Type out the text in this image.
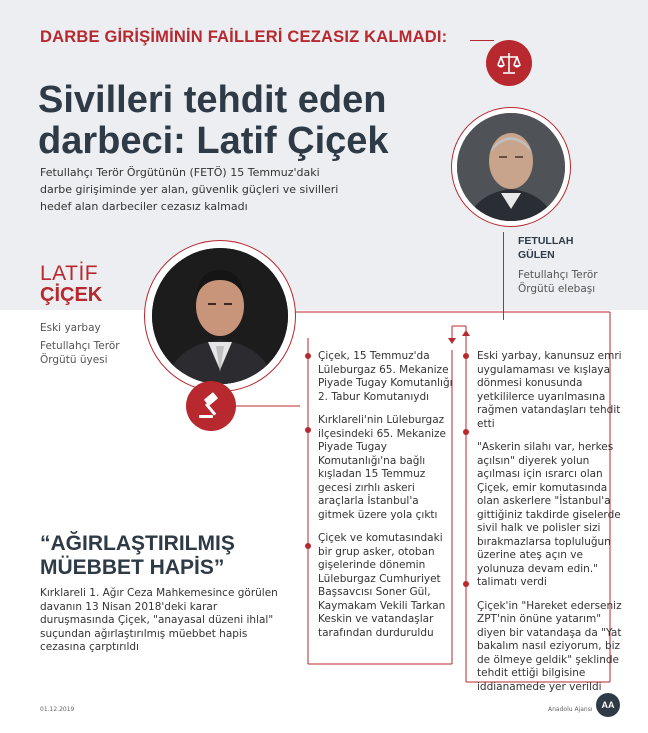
DARBE GİRİŞİMİNİN FAİLLERİ CEZASIZ KALMADI:
Sivilleri tehdit eden darbeci: Latif Çiçek
Fetullahçı Terör Örgütünün (FETÖ) 15 Temmuz'daki darbe girişiminde yer alan, güvenlik güçleri ve sivilleri hedef alan darbeciler cezasız kalmadı
FETULLAH
GÜLEN
Fetullahçı Terör Örgütü elebaşı
LATİF
ÇİÇEK

Eski yarbay

Fetullahçı Terör Örgütü üyesi	Çiçek, 15 Temmuz'da Lüleburgaz 65. Mekanize Piyade Tugay Komutanlığı 2. Tabur Komutanıydı

Kırklareli'nin Lüleburgaz ilçesindeki 65. Mekanize Piyade Tugay Komutanlığı'na bağlı kışladan 15 Temmuz gecesi zırhlı askeri araçlarla İstanbul'a gitmek üzere yola çıktı

Çiçek ve komutasındaki bir grup asker, otoban gişelerinde dönemin Lüleburgaz Cumhuriyet Başsavcısı Soner Gül, Kaymakam Vekili Tarkan Keskin ve vatandaşlar tarafından durduruldu

Eski yarbay, kanunsuz emri uygulamaması ve kışlaya dönmesi konusunda yetkililerce uyarılmasına rağmen vatandaşları tehdit etti

"Askerin silahı var, herkes açılsın" diyerek yolun açılması için ısrarcı olan Çiçek, emir komutasında olan askerlere "İstanbul'a gittiğiniz takdirde giselerde sivil halk ve polisler sizi bırakmazlarsa topluluğun üzerine ateş açın ve yolunuza devam edin." talimatı verdi

Çiçek'in "Hareket ederseniz ZPT'nin önüne yatarım" diyen bir vatandaşa da "Yat bakalım nasıl eziyorum, biz de ölmeye geldik" şeklinde tehdit ettiği bilgisine iddianamede yer verildi

“AĞIRLAŞTIRILMIŞ MÜEBBET HAPİS”

Kırklareli 1. Ağır Ceza Mahkemesince görülen davanın 13 Nisan 2018'deki karar duruşmasında Çiçek, "anayasal düzeni ihlal" suçundan ağırlaştırılmış müebbet hapis cezasına çarptırıldı

01.12.2019	Anadolu Ajansı	AA
